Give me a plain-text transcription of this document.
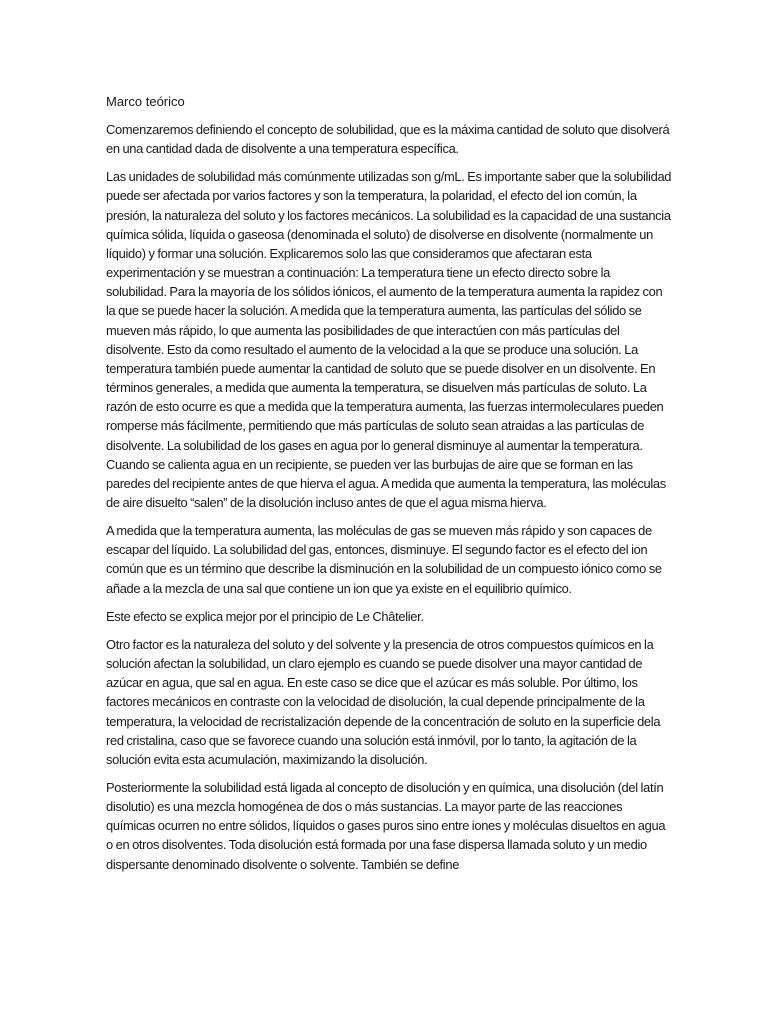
Marco teórico

Comenzaremos definiendo el concepto de solubilidad, que es la máxima cantidad de soluto que disolverá en una cantidad dada de disolvente a una temperatura específica.

Las unidades de solubilidad más comúnmente utilizadas son g/mL. Es importante saber que la solubilidad puede ser afectada por varios factores y son la temperatura, la polaridad, el efecto del ion común, la presión, la naturaleza del soluto y los factores mecánicos. La solubilidad es la capacidad de una sustancia química sólida, líquida o gaseosa (denominada el soluto) de disolverse en disolvente (normalmente un líquido) y formar una solución. Explicaremos solo las que consideramos que afectaran esta experimentación y se muestran a continuación: La temperatura tiene un efecto directo sobre la solubilidad. Para la mayoría de los sólidos iónicos, el aumento de la temperatura aumenta la rapidez con la que se puede hacer la solución. A medida que la temperatura aumenta, las partículas del sólido se mueven más rápido, lo que aumenta las posibilidades de que interactúen con más partículas del disolvente. Esto da como resultado el aumento de la velocidad a la que se produce una solución. La temperatura también puede aumentar la cantidad de soluto que se puede disolver en un disolvente. En términos generales, a medida que aumenta la temperatura, se disuelven más partículas de soluto. La razón de esto ocurre es que a medida que la temperatura aumenta, las fuerzas intermoleculares pueden romperse más fácilmente, permitiendo que más partículas de soluto sean atraidas a las partículas de disolvente. La solubilidad de los gases en agua por lo general disminuye al aumentar la temperatura. Cuando se calienta agua en un recipiente, se pueden ver las burbujas de aire que se forman en las paredes del recipiente antes de que hierva el agua. A medida que aumenta la temperatura, las moléculas de aire disuelto “salen” de la disolución incluso antes de que el agua misma hierva.

A medida que la temperatura aumenta, las moléculas de gas se mueven más rápido y son capaces de escapar del líquido. La solubilidad del gas, entonces, disminuye. El segundo factor es el efecto del ion común que es un término que describe la disminución en la solubilidad de un compuesto iónico como se añade a la mezcla de una sal que contiene un ion que ya existe en el equilibrio químico.

Este efecto se explica mejor por el principio de Le Châtelier.

Otro factor es la naturaleza del soluto y del solvente y la presencia de otros compuestos químicos en la solución afectan la solubilidad, un claro ejemplo es cuando se puede disolver una mayor cantidad de azúcar en agua, que sal en agua. En este caso se dice que el azúcar es más soluble. Por último, los factores mecánicos en contraste con la velocidad de disolución, la cual depende principalmente de la temperatura, la velocidad de recristalización depende de la concentración de soluto en la superficie dela red cristalina, caso que se favorece cuando una solución está inmóvil, por lo tanto, la agitación de la solución evita esta acumulación, maximizando la disolución.

Posteriormente la solubilidad está ligada al concepto de disolución y en química, una disolución (del latín disolutio) es una mezcla homogénea de dos o más sustancias. La mayor parte de las reacciones químicas ocurren no entre sólidos, líquidos o gases puros sino entre iones y moléculas disueltos en agua o en otros disolventes. Toda disolución está formada por una fase dispersa llamada soluto y un medio dispersante denominado disolvente o solvente. También se define
